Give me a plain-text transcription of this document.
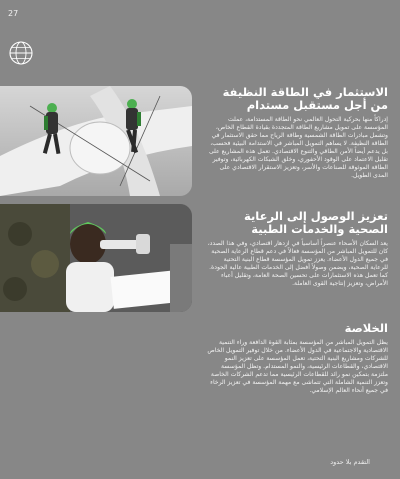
27
الاستثمار في الطاقة النظيفة من أجل مستقبل مستدام

إدراكاً منها بحركية التحول العالمي نحو الطاقة المستدامة، عملت المؤسسة على تمويل مشاريع الطاقة المتجددة بقيادة القطاع الخاص، وتشمل مبادرات الطاقة الشمسية وطاقة الرياح مما حقق الاستثمار في الطاقة النظيفة. لا يساهم التمويل المباشر في الاستدامة البيئية فحسب، بل يدعم أيضاً الأمن الطاقي والتنوع الاقتصادي. تعمل هذه المشاريع على تقليل الاعتماد على الوقود الأحفوري، وخلق الشبكات الكهربائية، وتوفير الطاقة الموثوقة للصناعات والأسر، وتعزيز الاستقرار الاقتصادي على المدى الطويل.

تعزيز الوصول إلى الرعاية الصحية والخدمات الطبية

يعد السكان الأصحاء عنصراً أساسياً في ازدهار اقتصادي، وفي هذا الصدد، كان للتمويل المباشر من المؤسسة فعالاً في دعم قطاع الرعاية الصحية في جميع الدول الأعضاء. يعزز تمويل المؤسسة قطاع البنية التحتية للرعاية الصحية، ويضمن وصولاً أفضل إلى الخدمات الطبية عالية الجودة. كما تعمل هذه الاستثمارات على تحسين الصحة العامة، وتقليل أعباء الأمراض، وتعزيز إنتاجية القوى العاملة.

الخلاصة

يظل التمويل المباشر من المؤسسة بمثابة القوة الدافعة وراء التنمية الاقتصادية والاجتماعية في الدول الأعضاء. من خلال توفير التمويل الخاص للشركات ومشاريع البنية التحتية، تعمل المؤسسة على تعزيز النمو الاقتصادي، والقطاعات الرئيسية، والنمو المستدام. وتظل المؤسسة ملتزمة بتمكين نمو رائد للقطاعات الرئيسية مما تدعم الشركات الخاصة وتعزز التنمية الشاملة التي تتماشى مع مهمة المؤسسة في تعزيز الرخاء في جميع أنحاء العالم الإسلامي.

التقدم بلا حدود
